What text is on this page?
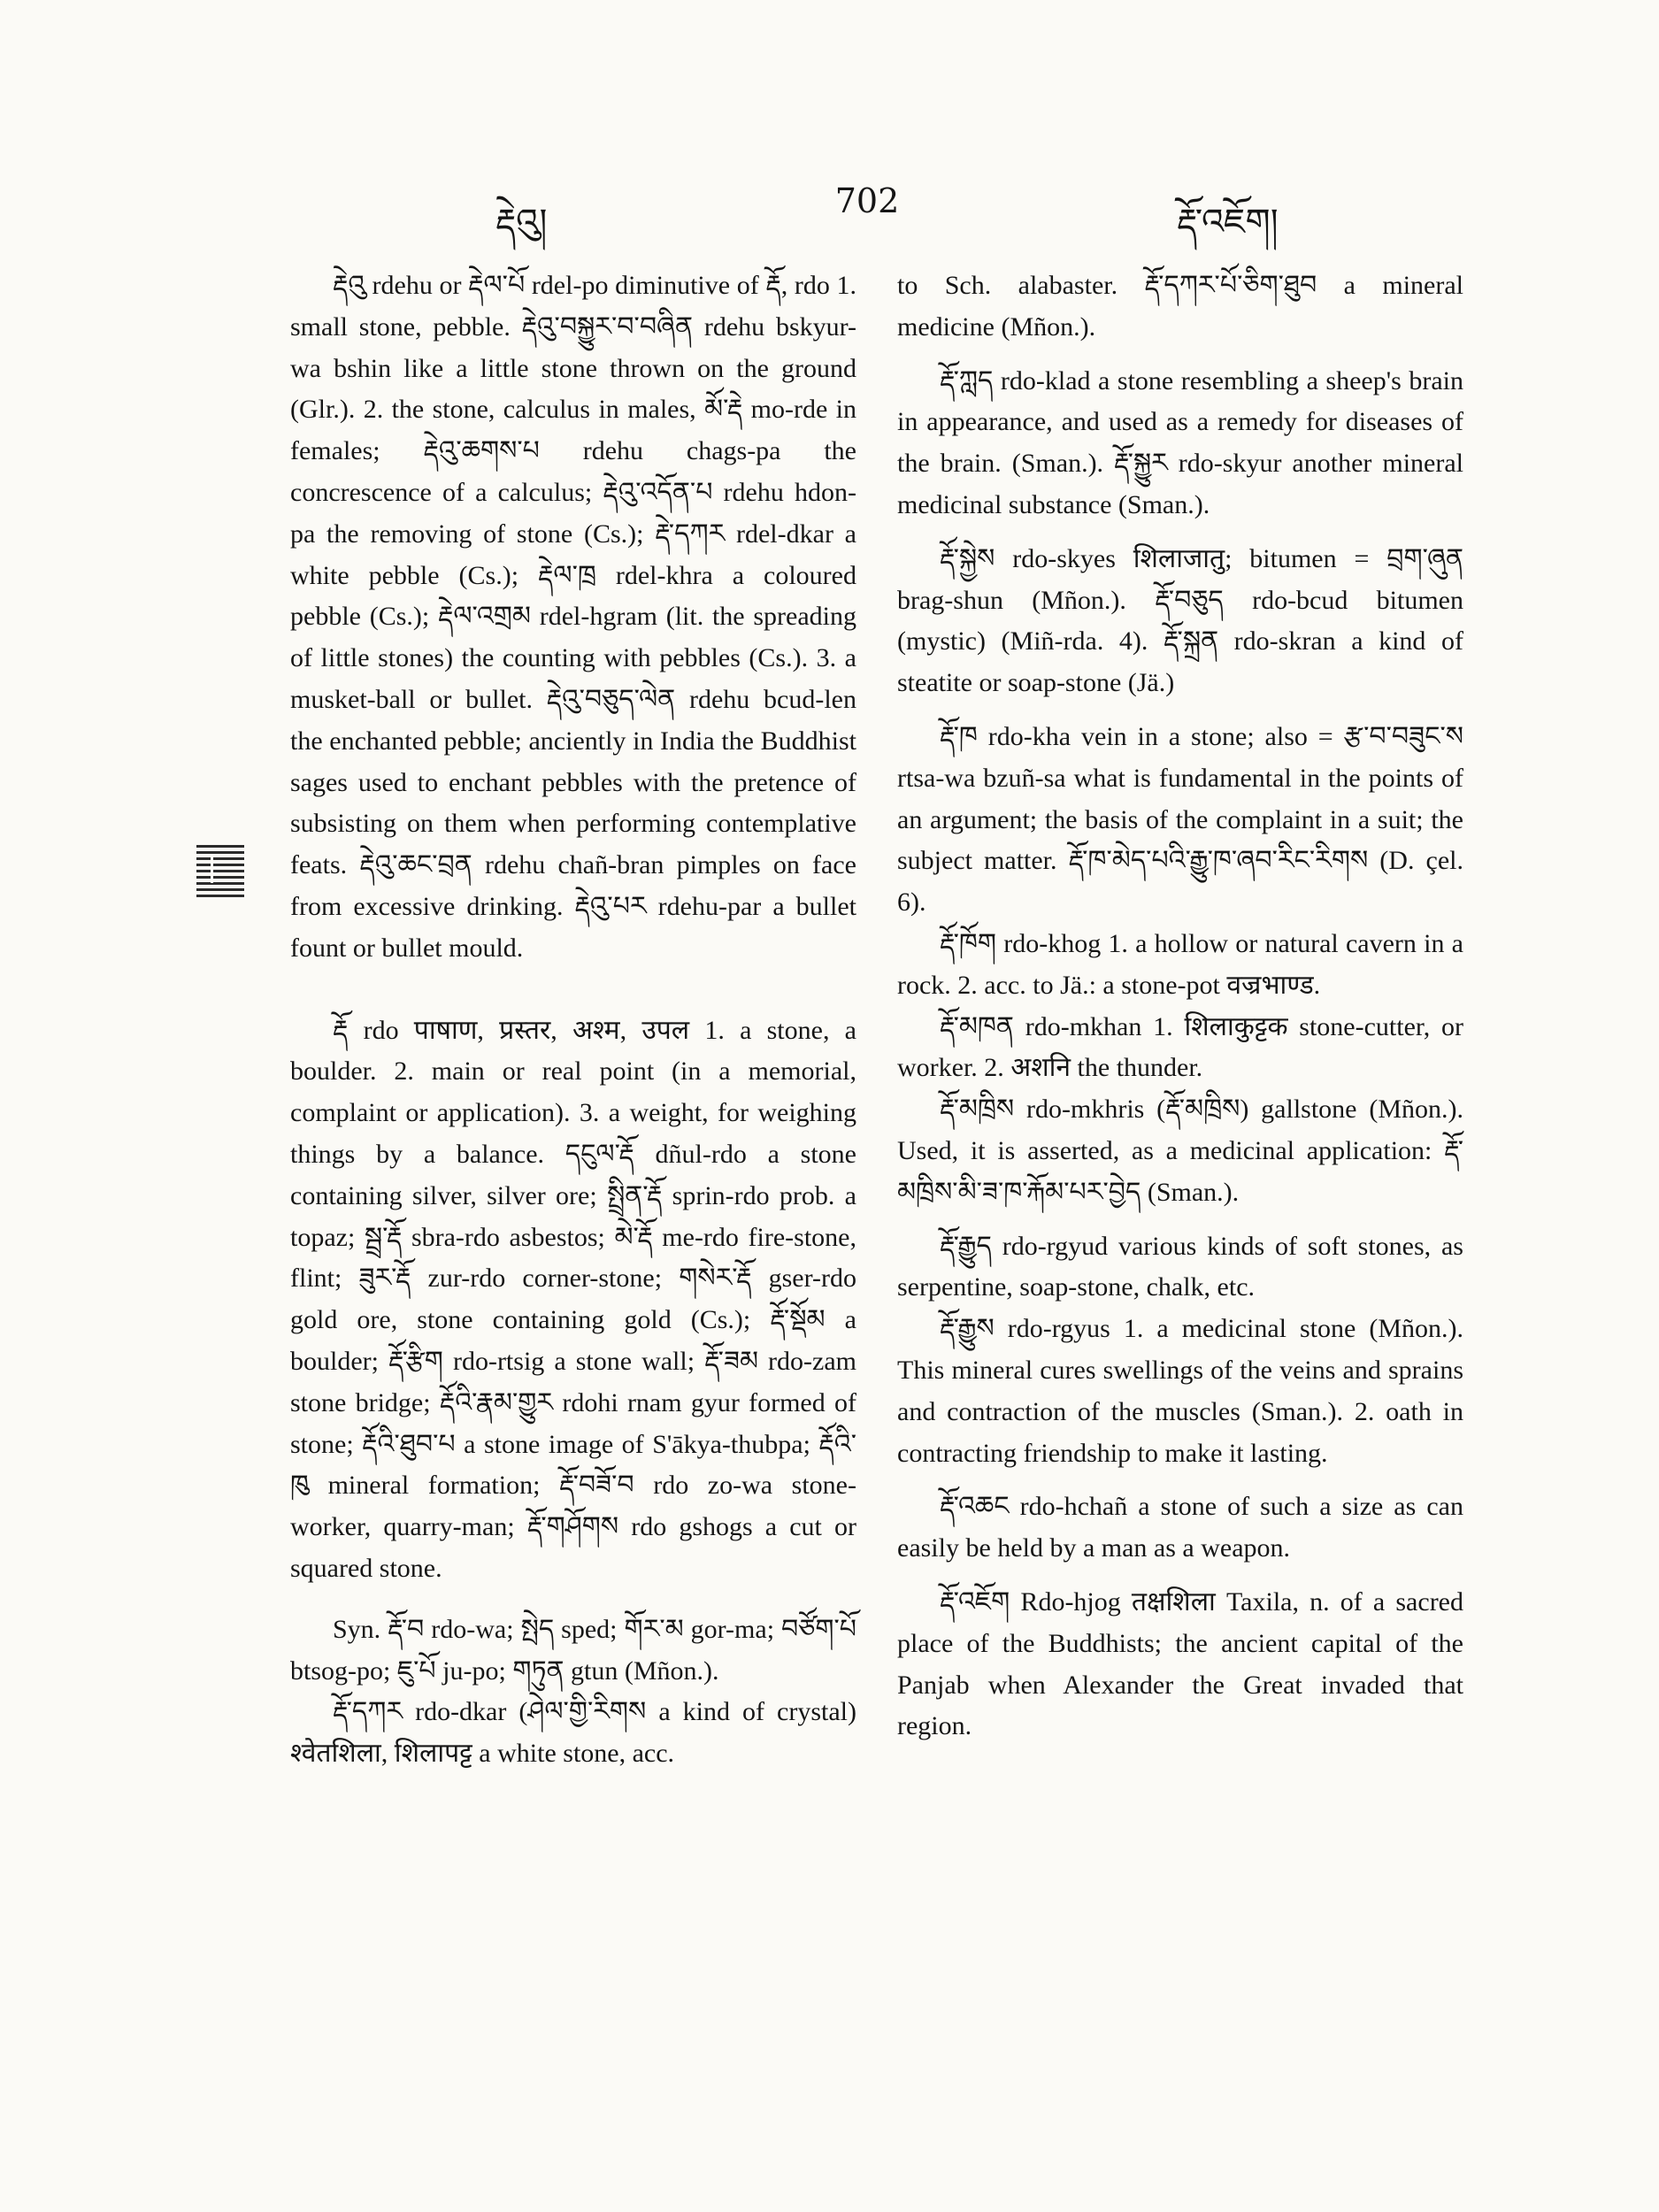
རྡེའུ།
702
རྡོ་འཇོག།

རྡེའུ rdehu or རྡེལ་པོ rdel-po diminutive of རྡོ, rdo 1. small stone, pebble. རྡེའུ་བསྐྱུར་བ་བཞིན rdehu bskyur-wa bshin like a little stone thrown on the ground (Glr.). 2. the stone, calculus in males, མོ་རྡེ mo-rde in females; རྡེའུ་ཆགས་པ rdehu chags-pa the concrescence of a calculus; རྡེའུ་འདོན་པ rdehu hdon-pa the removing of stone (Cs.); རྡེ་དཀར rdel-dkar a white pebble (Cs.); རྡེལ་ཁྲ rdel-khra a coloured pebble (Cs.); རྡེལ་འགྲམ rdel-hgram (lit. the spreading of little stones) the counting with pebbles (Cs.). 3. a musket-ball or bullet. རྡེའུ་བཅུད་ལེན rdehu bcud-len the enchanted pebble; anciently in India the Buddhist sages used to enchant pebbles with the pretence of subsisting on them when performing contemplative feats. རྡེའུ་ཆང་བྲན rdehu chañ-bran pimples on face from excessive drinking. རྡེའུ་པར rdehu-par a bullet fount or bullet mould.

རྡོ rdo पाषाण, प्रस्तर, अश्म, उपल 1. a stone, a boulder. 2. main or real point (in a memorial, complaint or application). 3. a weight, for weighing things by a balance. དངུལ་རྡོ dñul-rdo a stone containing silver, silver ore; སྤྲིན་རྡོ sprin-rdo prob. a topaz; སྦྲ་རྡོ sbra-rdo asbestos; མེ་རྡོ me-rdo fire-stone, flint; ཟུར་རྡོ zur-rdo corner-stone; གསེར་རྡོ gser-rdo gold ore, stone containing gold (Cs.); རྡོ་སྡོམ a boulder; རྡོ་རྩིག rdo-rtsig a stone wall; རྡོ་ཟམ rdo-zam stone bridge; རྡོའི་རྣམ་གྱུར rdohi rnam gyur formed of stone; རྡོའི་ཐུབ་པ a stone image of S'ākya-thubpa; རྡོའི་ཁུ mineral formation; རྡོ་བཟོ་བ rdo zo-wa stone-worker, quarry-man; རྡོ་གཤོགས rdo gshogs a cut or squared stone.

Syn. རྡོ་བ rdo-wa; སྤེད sped; གོར་མ gor-ma; བཙོག་པོ btsog-po; ཇུ་པོ ju-po; གཏུན gtun (Mñon.).

རྡོ་དཀར rdo-dkar (ཤེལ་གྱི་རིགས a kind of crystal) श्वेतशिला, शिलापट्ट a white stone, acc.

to Sch. alabaster. རྡོ་དཀར་པོ་ཅིག་ཐུབ a mineral medicine (Mñon.).

རྡོ་ཀླད rdo-klad a stone resembling a sheep's brain in appearance, and used as a remedy for diseases of the brain. (Sman.). རྡོ་སྐྱུར rdo-skyur another mineral medicinal substance (Sman.).

རྡོ་སྐྱེས rdo-skyes शिलाजातु; bitumen = བྲག་ཞུན brag-shun (Mñon.). རྡོ་བཅུད rdo-bcud bitumen (mystic) (Miñ-rda. 4). རྡོ་སྐྲན rdo-skran a kind of steatite or soap-stone (Jä.)

རྡོ་ཁ rdo-kha vein in a stone; also = རྩ་བ་བཟུང་ས rtsa-wa bzuñ-sa what is fundamental in the points of an argument; the basis of the complaint in a suit; the subject matter. རྡོ་ཁ་མེད་པའི་རྒྱུ་ཁ་ཞབ་རིང་རིགས (D. çel. 6).

རྡོ་ཁོག rdo-khog 1. a hollow or natural cavern in a rock. 2. acc. to Jä.: a stone-pot वज्रभाण्ड.

རྡོ་མཁན rdo-mkhan 1. शिलाकुट्टक stone-cutter, or worker. 2. अशनि the thunder.

རྡོ་མཁྲིས rdo-mkhris (རྡོ་མཁྲིས) gallstone (Mñon.). Used, it is asserted, as a medicinal application: རྡོ་མཁྲིས་མི་ཟ་ཁ་རྐོམ་པར་བྱེད (Sman.).

རྡོ་རྒྱུད rdo-rgyud various kinds of soft stones, as serpentine, soap-stone, chalk, etc.

རྡོ་རྒྱུས rdo-rgyus 1. a medicinal stone (Mñon.). This mineral cures swellings of the veins and sprains and contraction of the muscles (Sman.). 2. oath in contracting friendship to make it lasting.

རྡོ་འཆང rdo-hchañ a stone of such a size as can easily be held by a man as a weapon.

རྡོ་འཇོག Rdo-hjog तक्षशिला Taxila, n. of a sacred place of the Buddhists; the ancient capital of the Panjab when Alexander the Great invaded that region.
